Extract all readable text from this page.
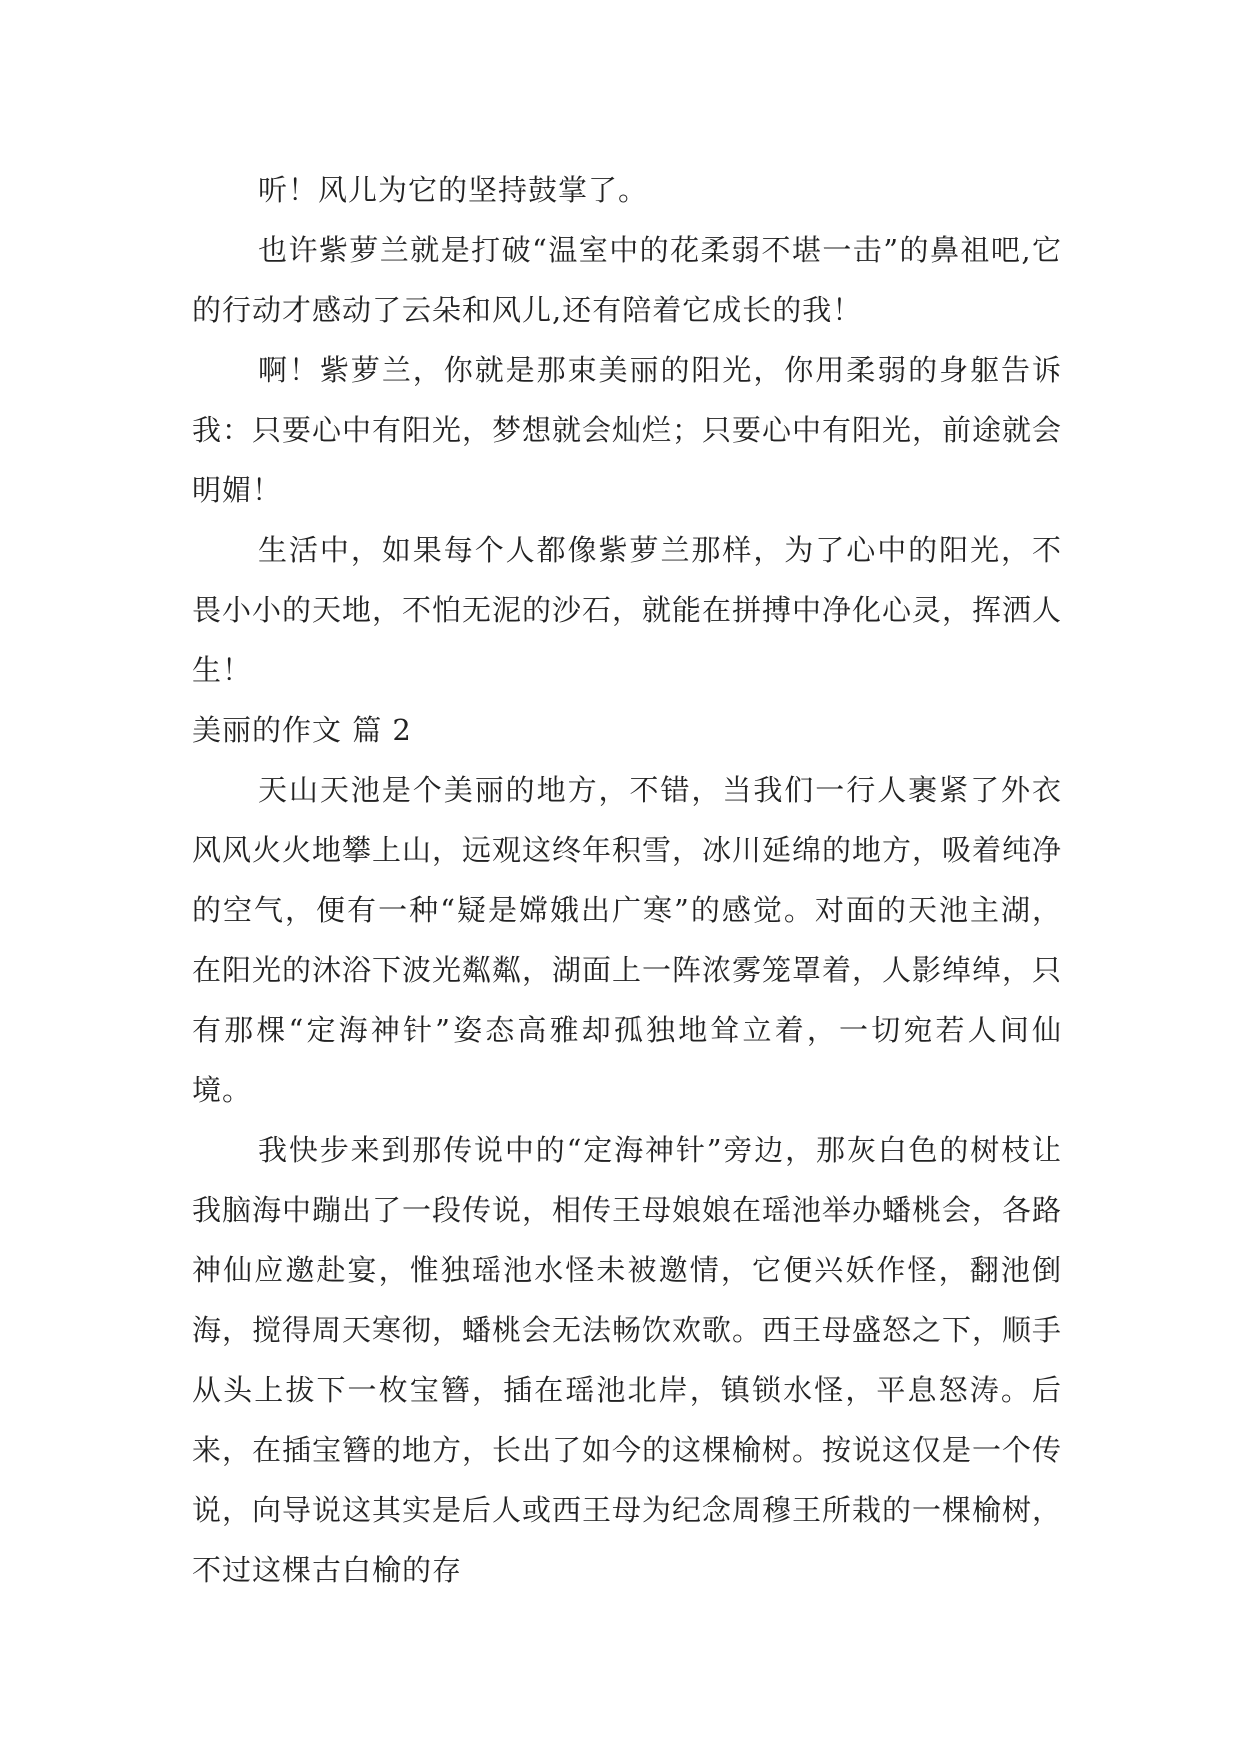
听！风儿为它的坚持鼓掌了。

也许紫萝兰就是打破“温室中的花柔弱不堪一击”的鼻祖吧,它的行动才感动了云朵和风儿,还有陪着它成长的我！

啊！紫萝兰，你就是那束美丽的阳光，你用柔弱的身躯告诉我：只要心中有阳光，梦想就会灿烂；只要心中有阳光，前途就会明媚！

生活中，如果每个人都像紫萝兰那样，为了心中的阳光，不畏小小的天地，不怕无泥的沙石，就能在拼搏中净化心灵，挥洒人生！

美丽的作文 篇 2

天山天池是个美丽的地方，不错，当我们一行人裹紧了外衣风风火火地攀上山，远观这终年积雪，冰川延绵的地方，吸着纯净的空气，便有一种“疑是嫦娥出广寒”的感觉。对面的天池主湖，在阳光的沐浴下波光粼粼，湖面上一阵浓雾笼罩着，人影绰绰，只有那棵“定海神针”姿态高雅却孤独地耸立着，一切宛若人间仙境。

我快步来到那传说中的“定海神针”旁边，那灰白色的树枝让我脑海中蹦出了一段传说，相传王母娘娘在瑶池举办蟠桃会，各路神仙应邀赴宴，惟独瑶池水怪未被邀情，它便兴妖作怪，翻池倒海，搅得周天寒彻，蟠桃会无法畅饮欢歌。西王母盛怒之下，顺手从头上拔下一枚宝簪，插在瑶池北岸，镇锁水怪，平息怒涛。后来，在插宝簪的地方，长出了如今的这棵榆树。按说这仅是一个传说，向导说这其实是后人或西王母为纪念周穆王所栽的一棵榆树，不过这棵古白榆的存
